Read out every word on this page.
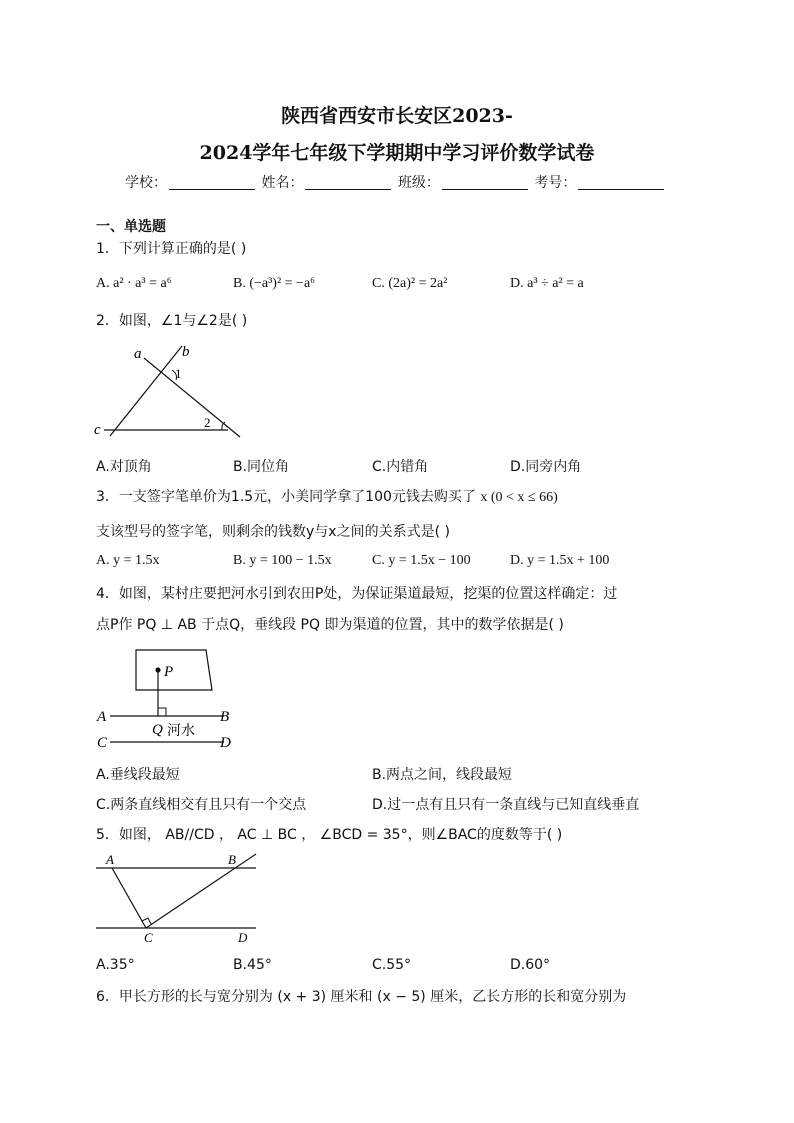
陕西省西安市长安区2023-
2024学年七年级下学期期中学习评价数学试卷
学校：	姓名：	班级：	考号：
一、单选题
1．下列计算正确的是( )
A. a² · a³ = a⁶	B. (−a³)² = −a⁶	C. (2a)² = 2a²	D. a³ ÷ a² = a
2．如图，∠1与∠2是( )
a	b
c
1
2
A.对顶角	B.同位角	C.内错角	D.同旁内角
3．一支签字笔单价为1.5元，小美同学拿了100元钱去购买了 x (0 < x ≤ 66)
支该型号的签字笔，则剩余的钱数y与x之间的关系式是( )
A. y = 1.5x	B. y = 100 − 1.5x	C. y = 1.5x − 100	D. y = 1.5x + 100
4．如图，某村庄要把河水引到农田P处，为保证渠道最短，挖渠的位置这样确定：过
点P作 PQ ⊥ AB 于点Q，垂线段 PQ 即为渠道的位置，其中的数学依据是( )
P
A	B
Q 河水
C	D
A.垂线段最短	B.两点之间，线段最短
C.两条直线相交有且只有一个交点	D.过一点有且只有一条直线与已知直线垂直
5．如图， AB//CD ， AC ⊥ BC ， ∠BCD = 35°，则∠BAC的度数等于( )
A	B
C	D
A.35°	B.45°	C.55°	D.60°
6．甲长方形的长与宽分别为 (x + 3) 厘米和 (x − 5) 厘米，乙长方形的长和宽分别为
